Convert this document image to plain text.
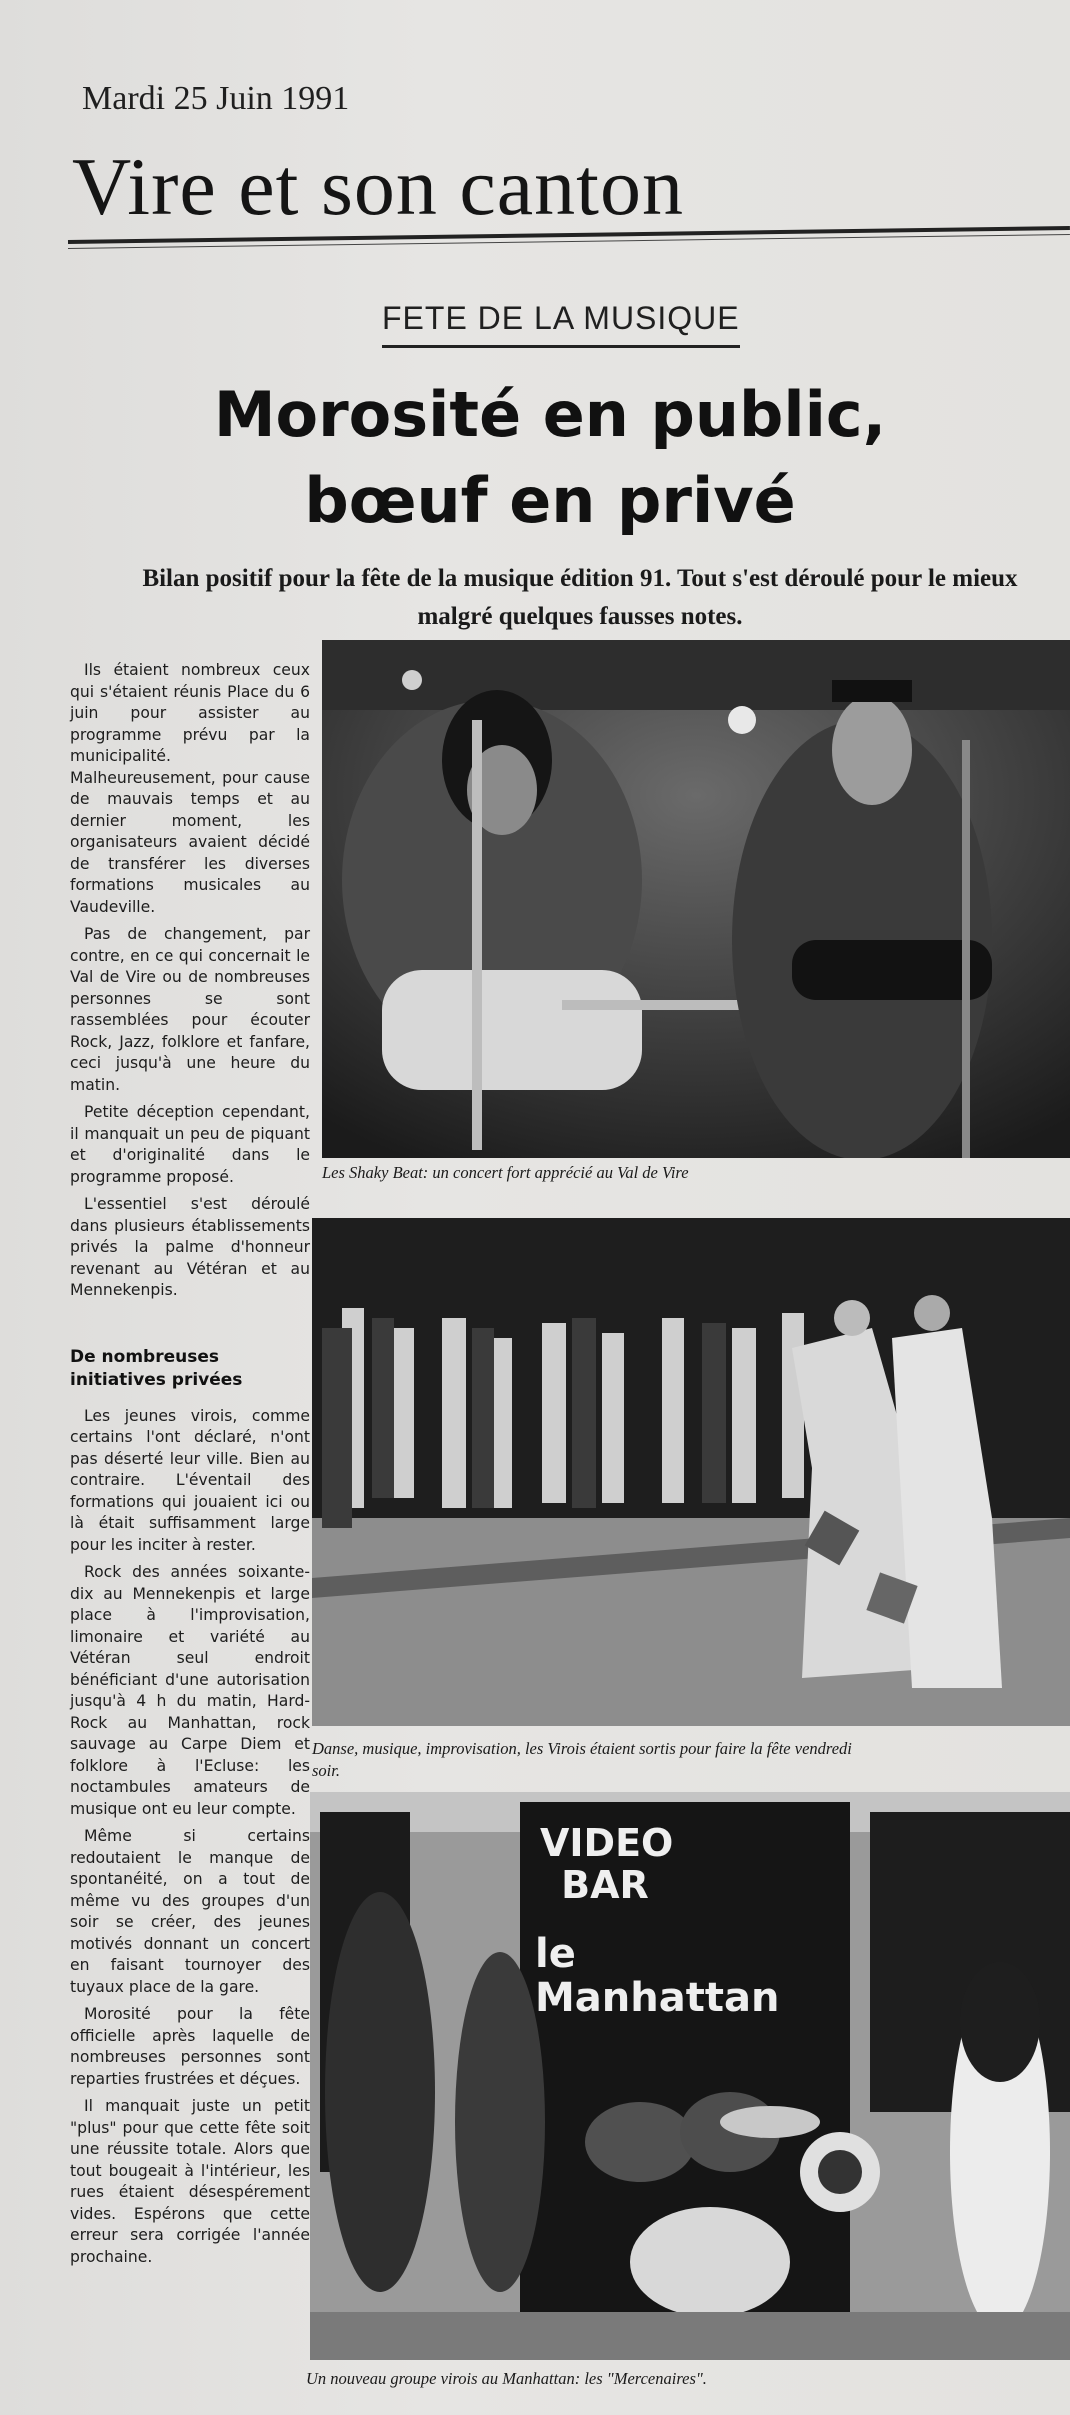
Mardi 25 Juin 1991
Vire et son canton
FETE DE LA MUSIQUE
Morosité en public,
bœuf en privé
Bilan positif pour la fête de la musique édition 91. Tout s'est déroulé pour le mieux
malgré quelques fausses notes.

Ils étaient nombreux ceux qui s'étaient réunis Place du 6 juin pour assister au programme prévu par la municipalité. Malheureusement, pour cause de mauvais temps et au dernier moment, les organisateurs avaient décidé de transférer les diverses formations musicales au Vaudeville.

Pas de changement, par contre, en ce qui concernait le Val de Vire ou de nombreuses personnes se sont rassemblées pour écouter Rock, Jazz, folklore et fanfare, ceci jusqu'à une heure du matin.

Petite déception cependant, il manquait un peu de piquant et d'originalité dans le programme proposé.

L'essentiel s'est déroulé dans plusieurs établissements privés la palme d'honneur revenant au Vétéran et au Mennekenpis.

De nombreuses initiatives privées

Les jeunes virois, comme certains l'ont déclaré, n'ont pas déserté leur ville. Bien au contraire. L'éventail des formations qui jouaient ici ou là était suffisamment large pour les inciter à rester.

Rock des années soixante-dix au Mennekenpis et large place à l'improvisation, limonaire et variété au Vétéran seul endroit bénéficiant d'une autorisation jusqu'à 4 h du matin, Hard-Rock au Manhattan, rock sauvage au Carpe Diem et folklore à l'Ecluse: les noctambules amateurs de musique ont eu leur compte.

Même si certains redoutaient le manque de spontanéité, on a tout de même vu des groupes d'un soir se créer, des jeunes motivés donnant un concert en faisant tournoyer des tuyaux place de la gare.

Morosité pour la fête officielle après laquelle de nombreuses personnes sont reparties frustrées et déçues.

Il manquait juste un petit "plus" pour que cette fête soit une réussite totale. Alors que tout bougeait à l'intérieur, les rues étaient désespérement vides. Espérons que cette erreur sera corrigée l'année prochaine.

Les Shaky Beat: un concert fort apprécié au Val de Vire
Danse, musique, improvisation, les Virois étaient sortis pour faire la fête vendredi
soir.
VIDEO
BAR
le
Manhattan
Un nouveau groupe virois au Manhattan: les "Mercenaires".
